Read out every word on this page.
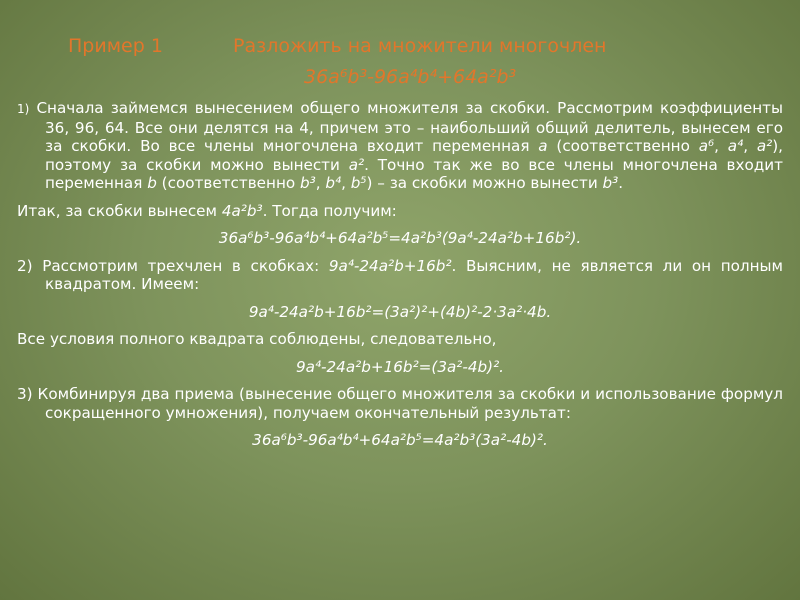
Пример 1	Разложить на множители многочлен
36a⁶b³-96a⁴b⁴+64a²b³

1) Сначала займемся вынесением общего множителя за скобки. Рассмотрим коэффициенты 36, 96, 64. Все они делятся на 4, причем это – наибольший общий делитель, вынесем его за скобки. Во все члены многочлена входит переменная a (соответственно a⁶, a⁴, a²), поэтому за скобки можно вынести a². Точно так же во все члены многочлена входит переменная b (соответственно b³, b⁴, b⁵) – за скобки можно вынести b³.

Итак, за скобки вынесем 4a²b³. Тогда получим:

36a⁶b³-96a⁴b⁴+64a²b⁵=4a²b³(9a⁴-24a²b+16b²).

2) Рассмотрим трехчлен в скобках: 9a⁴-24a²b+16b². Выясним, не является ли он полным квадратом. Имеем:

9a⁴-24a²b+16b²=(3a²)²+(4b)²-2·3a²·4b.

Все условия полного квадрата соблюдены, следовательно,

9a⁴-24a²b+16b²=(3a²-4b)².

3) Комбинируя два приема (вынесение общего множителя за скобки и использование формул сокращенного умножения), получаем окончательный результат:

36a⁶b³-96a⁴b⁴+64a²b⁵=4a²b³(3a²-4b)².
